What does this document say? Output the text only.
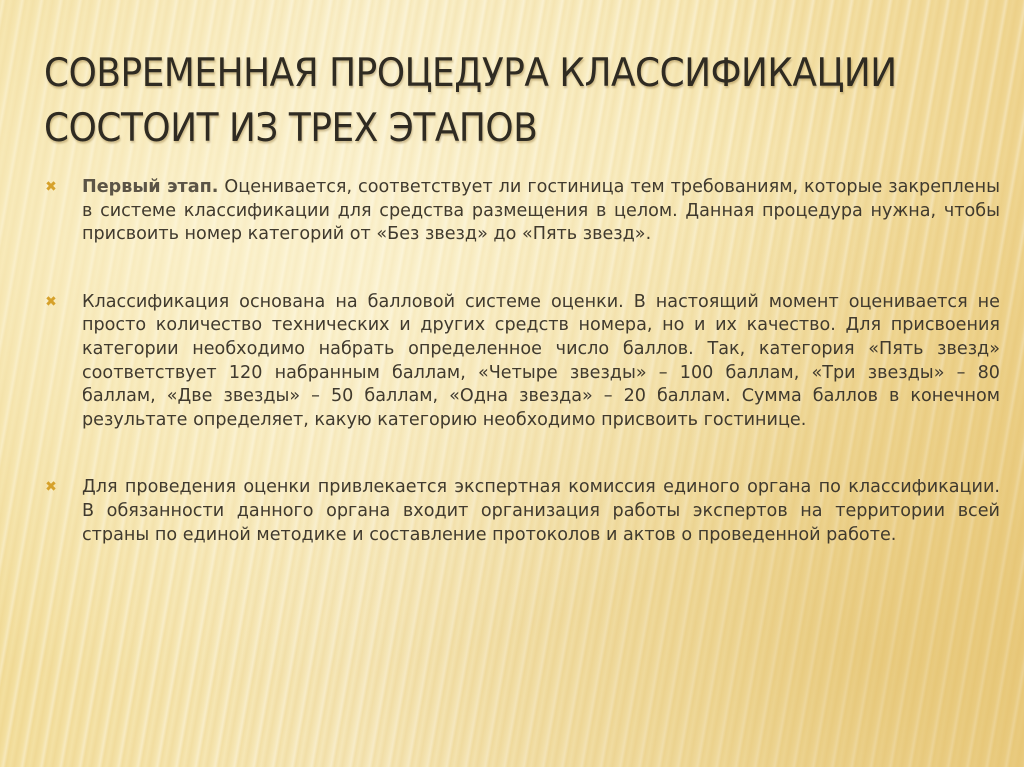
СОВРЕМЕННАЯ ПРОЦЕДУРА КЛАССИФИКАЦИИ СОСТОИТ ИЗ ТРЕХ ЭТАПОВ
✖ Первый этап. Оценивается, соответствует ли гостиница тем требованиям, которые закреплены в системе классификации для средства размещения в целом. Данная процедура нужна, чтобы присвоить номер категорий от «Без звезд» до «Пять звезд».
✖ Классификация основана на балловой системе оценки. В настоящий момент оценивается не просто количество технических и других средств номера, но и их качество. Для присвоения категории необходимо набрать определенное число баллов. Так, категория «Пять звезд» соответствует 120 набранным баллам, «Четыре звезды» – 100 баллам, «Три звезды» – 80 баллам, «Две звезды» – 50 баллам, «Одна звезда» – 20 баллам. Сумма баллов в конечном результате определяет, какую категорию необходимо присвоить гостинице.
✖ Для проведения оценки привлекается экспертная комиссия единого органа по классификации. В обязанности данного органа входит организация работы экспертов на территории всей страны по единой методике и составление протоколов и актов о проведенной работе.
